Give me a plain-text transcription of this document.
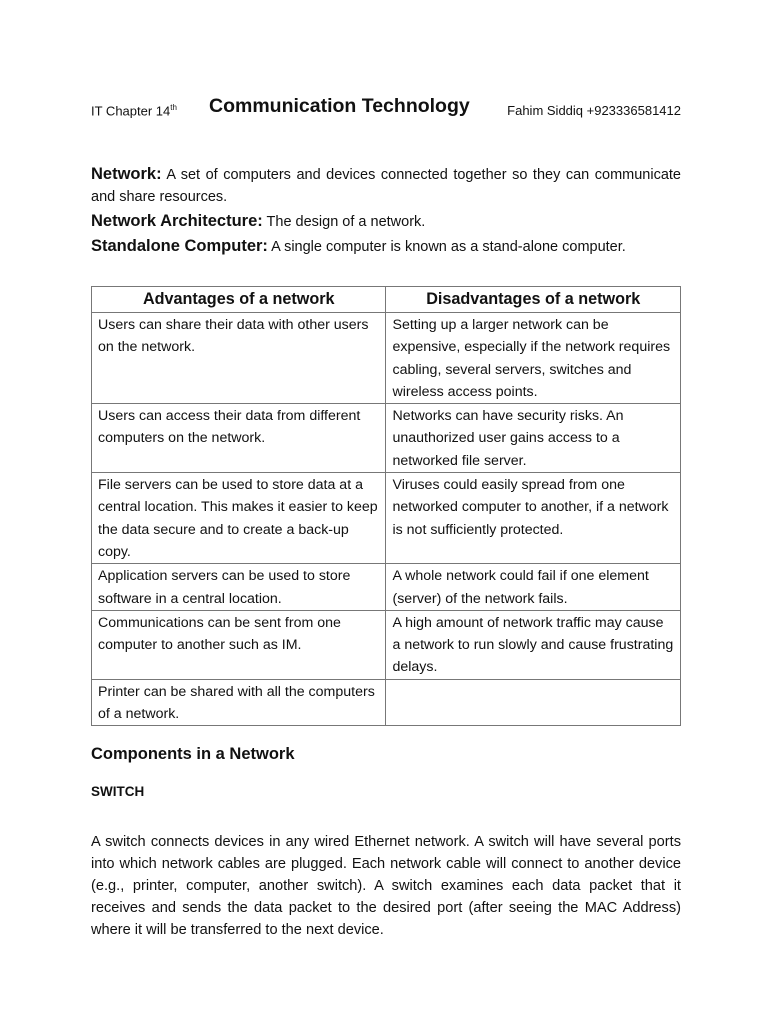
IT Chapter 14th Communication Technology	Fahim Siddiq +923336581412

Network: A set of computers and devices connected together so they can communicate and share resources.

Network Architecture: The design of a network.

Standalone Computer: A single computer is known as a stand-alone computer.

Advantages of a network	Disadvantages of a network
Users can share their data with other users on the network.	Setting up a larger network can be expensive, especially if the network requires cabling, several servers, switches and wireless access points.
Users can access their data from different computers on the network.	Networks can have security risks. An unauthorized user gains access to a networked file server.
File servers can be used to store data at a central location. This makes it easier to keep the data secure and to create a back-up copy.	Viruses could easily spread from one networked computer to another, if a network is not sufficiently protected.
Application servers can be used to store software in a central location.	A whole network could fail if one element (server) of the network fails.
Communications can be sent from one computer to another such as IM.	A high amount of network traffic may cause a network to run slowly and cause frustrating delays.
Printer can be shared with all the computers of a network.	
Components in a Network
SWITCH

A switch connects devices in any wired Ethernet network. A switch will have several ports into which network cables are plugged. Each network cable will connect to another device (e.g., printer, computer, another switch). A switch examines each data packet that it receives and sends the data packet to the desired port (after seeing the MAC Address) where it will be transferred to the next device.
